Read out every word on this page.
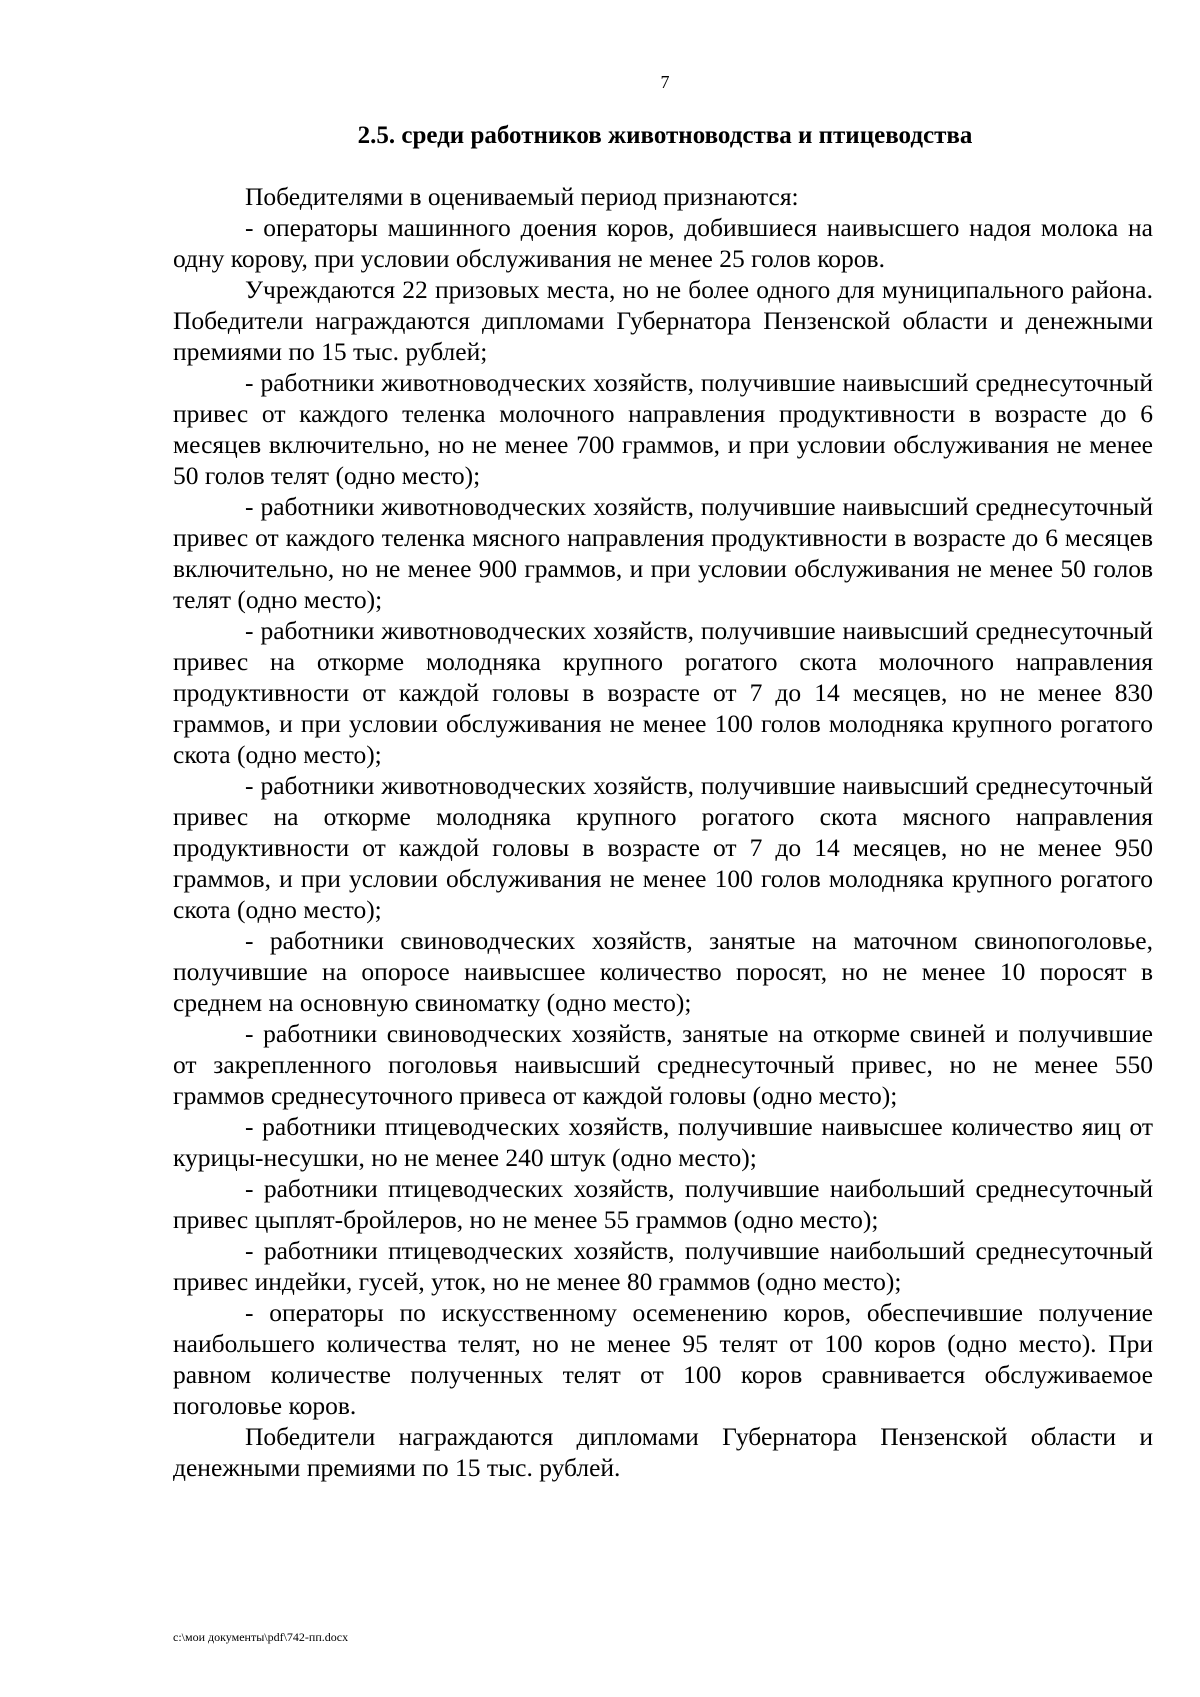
7
2.5. среди работников животноводства и птицеводства

Победителями в оцениваемый период признаются:

- операторы машинного доения коров, добившиеся наивысшего надоя молока на одну корову, при условии обслуживания не менее 25 голов коров.

Учреждаются 22 призовых места, но не более одного для муниципального района. Победители награждаются дипломами Губернатора Пензенской области и денежными премиями по 15 тыс. рублей;

- работники животноводческих хозяйств, получившие наивысший среднесуточный привес от каждого теленка молочного направления продуктивности в возрасте до 6 месяцев включительно, но не менее 700 граммов, и при условии обслуживания не менее 50 голов телят (одно место);

- работники животноводческих хозяйств, получившие наивысший среднесуточный привес от каждого теленка мясного направления продуктивности в возрасте до 6 месяцев включительно, но не менее 900 граммов, и при условии обслуживания не менее 50 голов телят (одно место);

- работники животноводческих хозяйств, получившие наивысший среднесуточный привес на откорме молодняка крупного рогатого скота молочного направления продуктивности от каждой головы в возрасте от 7 до 14 месяцев, но не менее 830 граммов, и при условии обслуживания не менее 100 голов молодняка крупного рогатого скота (одно место);

- работники животноводческих хозяйств, получившие наивысший среднесуточный привес на откорме молодняка крупного рогатого скота мясного направления продуктивности от каждой головы в возрасте от 7 до 14 месяцев, но не менее 950 граммов, и при условии обслуживания не менее 100 голов молодняка крупного рогатого скота (одно место);

- работники свиноводческих хозяйств, занятые на маточном свинопоголовье, получившие на опоросе наивысшее количество поросят, но не менее 10 поросят в среднем на основную свиноматку (одно место);

- работники свиноводческих хозяйств, занятые на откорме свиней и получившие от закрепленного поголовья наивысший среднесуточный привес, но не менее 550 граммов среднесуточного привеса от каждой головы (одно место);

- работники птицеводческих хозяйств, получившие наивысшее количество яиц от курицы-несушки, но не менее 240 штук (одно место);

- работники птицеводческих хозяйств, получившие наибольший среднесуточный привес цыплят-бройлеров, но не менее 55 граммов (одно место);

- работники птицеводческих хозяйств, получившие наибольший среднесуточный привес индейки, гусей, уток, но не менее 80 граммов (одно место);

- операторы по искусственному осеменению коров, обеспечившие получение наибольшего количества телят, но не менее 95 телят от 100 коров (одно место). При равном количестве полученных телят от 100 коров сравнивается обслуживаемое поголовье коров.

Победители награждаются дипломами Губернатора Пензенской области и денежными премиями по 15 тыс. рублей.

c:\мои документы\pdf\742-пп.docx
